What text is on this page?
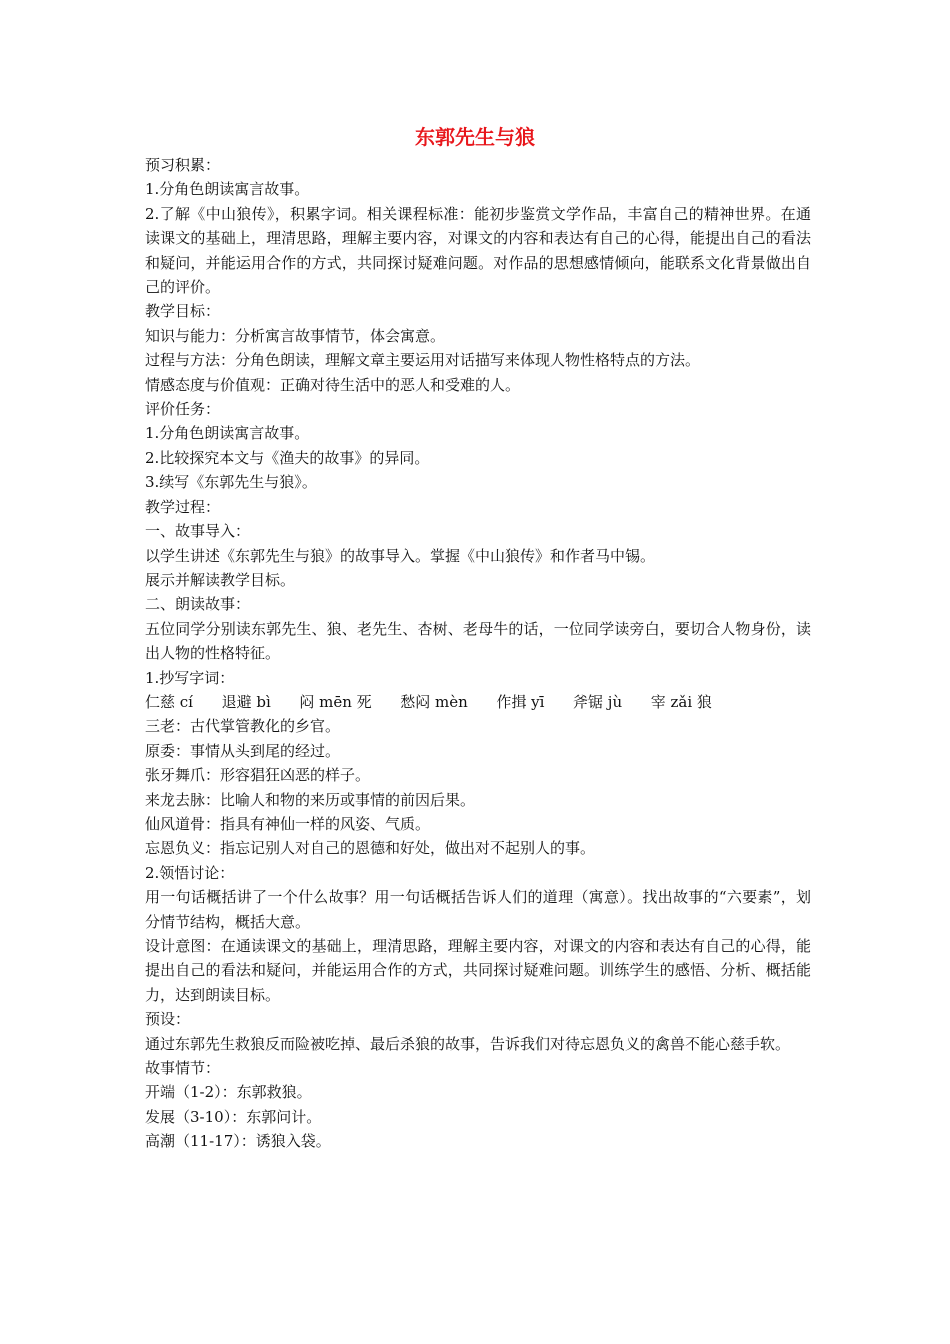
东郭先生与狼

预习积累：

1.分角色朗读寓言故事。

2.了解《中山狼传》，积累字词。相关课程标准：能初步鉴赏文学作品，丰富自己的精神世界。在通读课文的基础上，理清思路，理解主要内容，对课文的内容和表达有自己的心得，能提出自己的看法和疑问，并能运用合作的方式，共同探讨疑难问题。对作品的思想感情倾向，能联系文化背景做出自己的评价。

教学目标：

知识与能力：分析寓言故事情节，体会寓意。

过程与方法：分角色朗读，理解文章主要运用对话描写来体现人物性格特点的方法。

情感态度与价值观：正确对待生活中的恶人和受难的人。

评价任务：

1.分角色朗读寓言故事。

2.比较探究本文与《渔夫的故事》的异同。

3.续写《东郭先生与狼》。

教学过程：

一、故事导入：

以学生讲述《东郭先生与狼》的故事导入。掌握《中山狼传》和作者马中锡。

展示并解读教学目标。

二、朗读故事：

五位同学分别读东郭先生、狼、老先生、杏树、老母牛的话，一位同学读旁白，要切合人物身份，读出人物的性格特征。

1.抄写字词：

仁慈 cí      退避 bì      闷 mēn 死      愁闷 mèn      作揖 yī      斧锯 jù      宰 zǎi 狼

三老：古代掌管教化的乡官。

原委：事情从头到尾的经过。

张牙舞爪：形容猖狂凶恶的样子。

来龙去脉：比喻人和物的来历或事情的前因后果。

仙风道骨：指具有神仙一样的风姿、气质。

忘恩负义：指忘记别人对自己的恩德和好处，做出对不起别人的事。

2.领悟讨论：

用一句话概括讲了一个什么故事？用一句话概括告诉人们的道理（寓意）。找出故事的“六要素”，划分情节结构，概括大意。

设计意图：在通读课文的基础上，理清思路，理解主要内容，对课文的内容和表达有自己的心得，能提出自己的看法和疑问，并能运用合作的方式，共同探讨疑难问题。训练学生的感悟、分析、概括能力，达到朗读目标。

预设：

通过东郭先生救狼反而险被吃掉、最后杀狼的故事，告诉我们对待忘恩负义的禽兽不能心慈手软。

故事情节：

开端（1-2）：东郭救狼。

发展（3-10）：东郭问计。

高潮（11-17）：诱狼入袋。
